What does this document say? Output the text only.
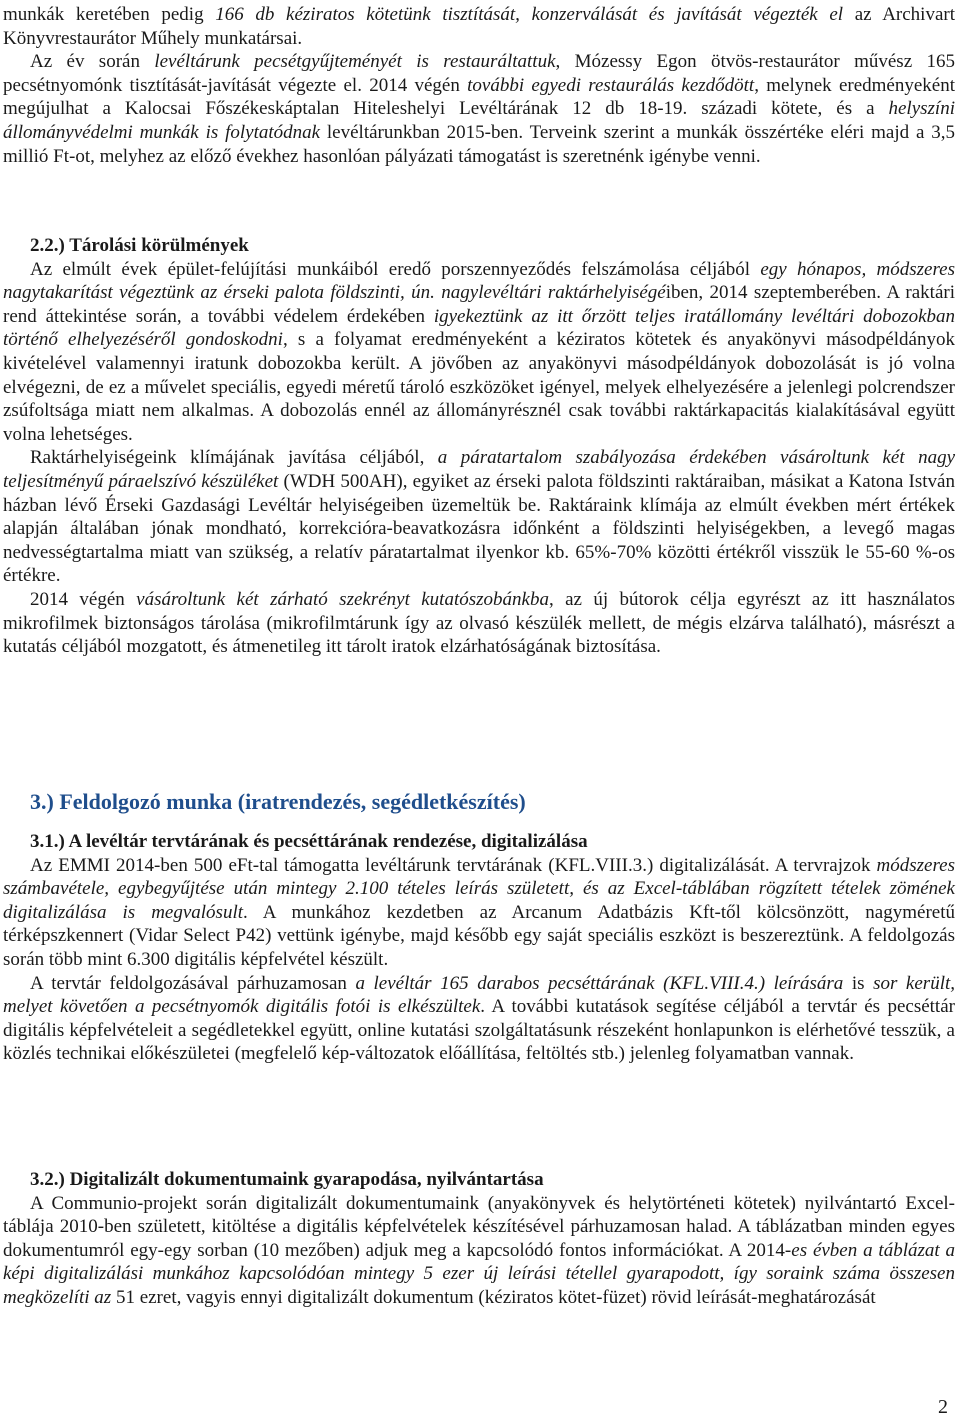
munkák keretében pedig 166 db kéziratos kötetünk tisztítását, konzerválását és javítását végezték el az Archivart Könyvrestaurátor Műhely munkatársai.

Az év során levéltárunk pecsétgyűjteményét is restauráltattuk, Mózessy Egon ötvös-restaurátor művész 165 pecsétnyomónk tisztítását-javítását végezte el. 2014 végén további egyedi restaurálás kezdődött, melynek eredményeként megújulhat a Kalocsai Főszékeskáptalan Hiteleshelyi Levéltárának 12 db 18-19. századi kötete, és a helyszíni állományvédelmi munkák is folytatódnak levéltárunkban 2015-ben. Terveink szerint a munkák összértéke eléri majd a 3,5 millió Ft-ot, melyhez az előző évekhez hasonlóan pályázati támogatást is szeretnénk igénybe venni.

2.2.) Tárolási körülmények

Az elmúlt évek épület-felújítási munkáiból eredő porszennyeződés felszámolása céljából egy hónapos, módszeres nagytakarítást végeztünk az érseki palota földszinti, ún. nagylevéltári raktárhelyiségéiben, 2014 szeptemberében. A raktári rend áttekintése során, a további védelem érdekében igyekeztünk az itt őrzött teljes iratállomány levéltári dobozokban történő elhelyezéséről gondoskodni, s a folyamat eredményeként a kéziratos kötetek és anyakönyvi másodpéldányok kivételével valamennyi iratunk dobozokba került. A jövőben az anyakönyvi másodpéldányok dobozolását is jó volna elvégezni, de ez a művelet speciális, egyedi méretű tároló eszközöket igényel, melyek elhelyezésére a jelenlegi polcrendszer zsúfoltsága miatt nem alkalmas. A dobozolás ennél az állományrésznél csak további raktárkapacitás kialakításával együtt volna lehetséges.

Raktárhelyiségeink klímájának javítása céljából, a páratartalom szabályozása érdekében vásároltunk két nagy teljesítményű páraelszívó készüléket (WDH 500AH), egyiket az érseki palota földszinti raktáraiban, másikat a Katona István házban lévő Érseki Gazdasági Levéltár helyiségeiben üzemeltük be. Raktáraink klímája az elmúlt években mért értékek alapján általában jónak mondható, korrekcióra-beavatkozásra időnként a földszinti helyiségekben, a levegő magas nedvességtartalma miatt van szükség, a relatív páratartalmat ilyenkor kb. 65%-70% közötti értékről visszük le 55-60 %-os értékre.

2014 végén vásároltunk két zárható szekrényt kutatószobánkba, az új bútorok célja egyrészt az itt használatos mikrofilmek biztonságos tárolása (mikrofilmtárunk így az olvasó készülék mellett, de mégis elzárva található), másrészt a kutatás céljából mozgatott, és átmenetileg itt tárolt iratok elzárhatóságának biztosítása.

3.) Feldolgozó munka (iratrendezés, segédletkészítés)
3.1.) A levéltár tervtárának és pecséttárának rendezése, digitalizálása

Az EMMI 2014-ben 500 eFt-tal támogatta levéltárunk tervtárának (KFL.VIII.3.) digitalizálását. A tervrajzok módszeres számbavétele, egybegyűjtése után mintegy 2.100 tételes leírás született, és az Excel-táblában rögzített tételek zömének digitalizálása is megvalósult. A munkához kezdetben az Arcanum Adatbázis Kft-től kölcsönzött, nagyméretű térképszkennert (Vidar Select P42) vettünk igénybe, majd később egy saját speciális eszközt is beszereztünk. A feldolgozás során több mint 6.300 digitális képfelvétel készült.

A tervtár feldolgozásával párhuzamosan a levéltár 165 darabos pecséttárának (KFL.VIII.4.) leírására is sor került, melyet követően a pecsétnyomók digitális fotói is elkészültek. A további kutatások segítése céljából a tervtár és pecséttár digitális képfelvételeit a segédletekkel együtt, online kutatási szolgáltatásunk részeként honlapunkon is elérhetővé tesszük, a közlés technikai előkészületei (megfelelő kép-változatok előállítása, feltöltés stb.) jelenleg folyamatban vannak.

3.2.) Digitalizált dokumentumaink gyarapodása, nyilvántartása

A Communio-projekt során digitalizált dokumentumaink (anyakönyvek és helytörténeti kötetek) nyilvántartó Excel-táblája 2010-ben született, kitöltése a digitális képfelvételek készítésével párhuzamosan halad. A táblázatban minden egyes dokumentumról egy-egy sorban (10 mezőben) adjuk meg a kapcsolódó fontos információkat. A 2014-es évben a táblázat a képi digitalizálási munkához kapcsolódóan mintegy 5 ezer új leírási tétellel gyarapodott, így soraink száma összesen megközelíti az 51 ezret, vagyis ennyi digitalizált dokumentum (kéziratos kötet-füzet) rövid leírását-meghatározását

2
